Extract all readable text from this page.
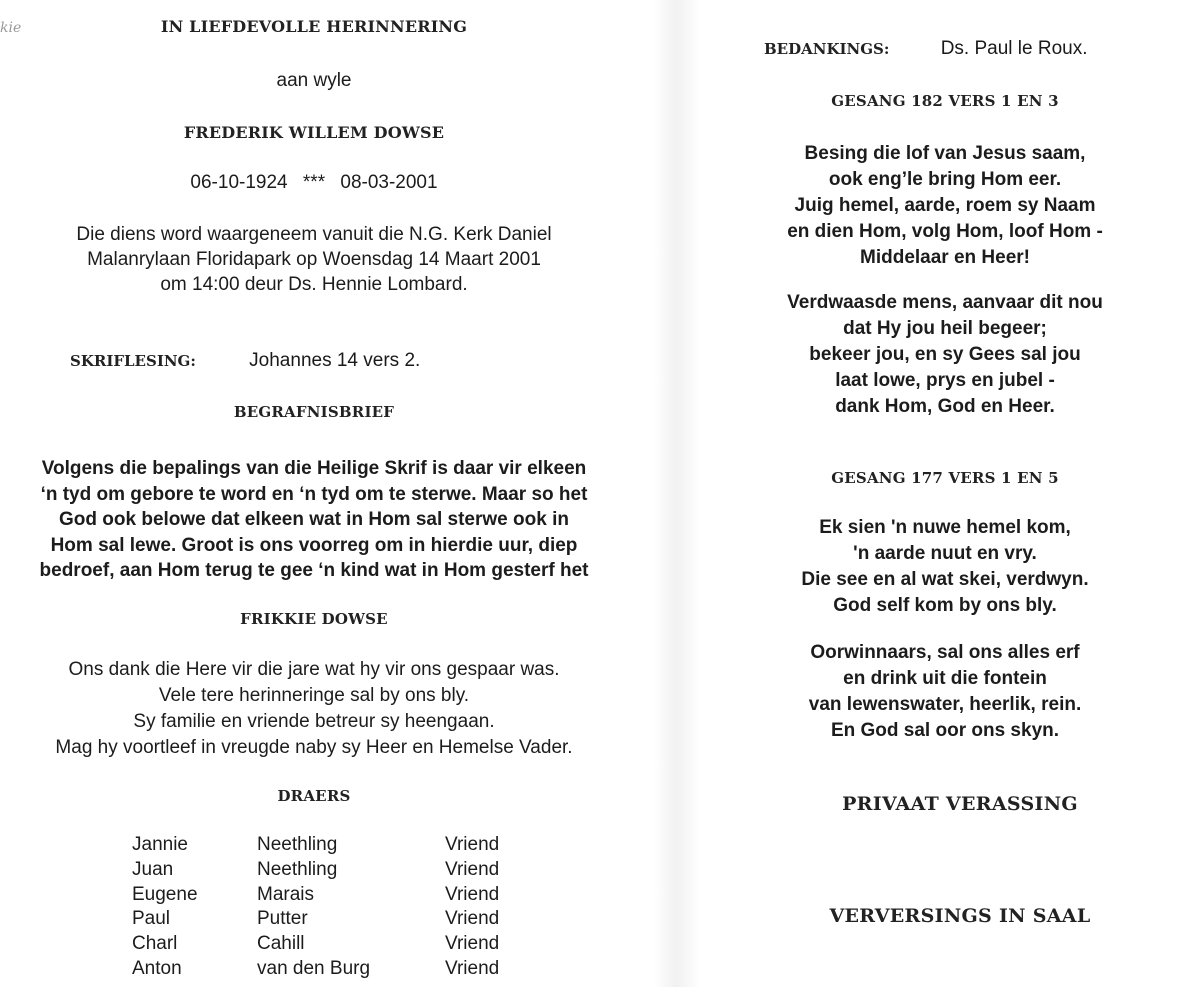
kie	IN LIEFDEVOLLE HERINNERING
aan wyle
FREDERIK WILLEM DOWSE
06-10-1924 *** 08-03-2001
Die diens word waargeneem vanuit die N.G. Kerk Daniel
Malanrylaan Floridapark op Woensdag 14 Maart 2001
om 14:00 deur Ds. Hennie Lombard.
SKRIFLESING:	Johannes 14 vers 2.
BEGRAFNISBRIEF
Volgens die bepalings van die Heilige Skrif is daar vir elkeen
‘n tyd om gebore te word en ‘n tyd om te sterwe. Maar so het
God ook belowe dat elkeen wat in Hom sal sterwe ook in
Hom sal lewe. Groot is ons voorreg om in hierdie uur, diep
bedroef, aan Hom terug te gee ‘n kind wat in Hom gesterf het
FRIKKIE DOWSE
Ons dank die Here vir die jare wat hy vir ons gespaar was.
Vele tere herinneringe sal by ons bly.
Sy familie en vriende betreur sy heengaan.
Mag hy voortleef in vreugde naby sy Heer en Hemelse Vader.
DRAERS
Jannie	Neethling	Vriend
Juan	Neethling	Vriend
Eugene	Marais	Vriend
Paul	Putter	Vriend
Charl	Cahill	Vriend
Anton	van den Burg	Vriend
BEDANKINGS:	Ds. Paul le Roux.
GESANG 182 VERS 1 EN 3
Besing die lof van Jesus saam,
ook eng’le bring Hom eer.
Juig hemel, aarde, roem sy Naam
en dien Hom, volg Hom, loof Hom -
Middelaar en Heer!
Verdwaasde mens, aanvaar dit nou
dat Hy jou heil begeer;
bekeer jou, en sy Gees sal jou
laat lowe, prys en jubel -
dank Hom, God en Heer.
GESANG 177 VERS 1 EN 5
Ek sien 'n nuwe hemel kom,
'n aarde nuut en vry.
Die see en al wat skei, verdwyn.
God self kom by ons bly.
Oorwinnaars, sal ons alles erf
en drink uit die fontein
van lewenswater, heerlik, rein.
En God sal oor ons skyn.
PRIVAAT VERASSING
VERVERSINGS IN SAAL
